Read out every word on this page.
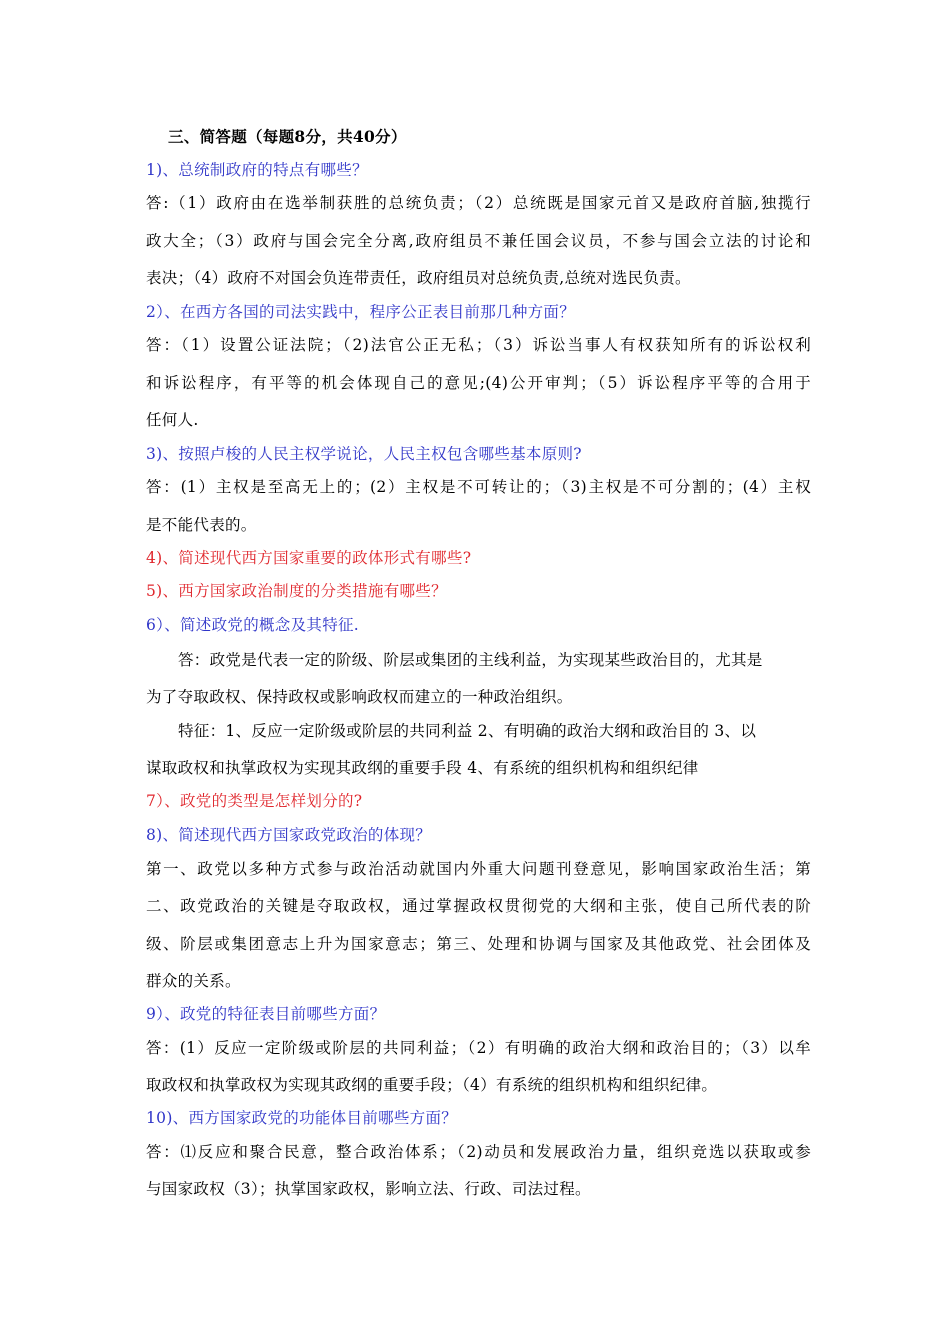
三、简答题（每题8分，共40分）
1)、总统制政府的特点有哪些？
答:（1）政府由在选举制获胜的总统负责；（2）总统既是国家元首又是政府首脑,独揽行
政大全；（3）政府与国会完全分离,政府组员不兼任国会议员，不参与国会立法的讨论和
表决；（4）政府不对国会负连带责任，政府组员对总统负责,总统对选民负责。
2）、在西方各国的司法实践中，程序公正表目前那几种方面？
答：（1）设置公证法院；（2)法官公正无私；（3）诉讼当事人有权获知所有的诉讼权利
和诉讼程序，有平等的机会体现自己的意见;(4)公开审判；（5）诉讼程序平等的合用于
任何人.
3)、按照卢梭的人民主权学说论，人民主权包含哪些基本原则?
答：(1）主权是至高无上的；(2）主权是不可转让的；（3)主权是不可分割的；(4）主权
是不能代表的。
4)、简述现代西方国家重要的政体形式有哪些?
5)、西方国家政治制度的分类措施有哪些？
6）、简述政党的概念及其特征.
答：政党是代表一定的阶级、阶层或集团的主线利益，为实现某些政治目的，尤其是
为了夺取政权、保持政权或影响政权而建立的一种政治组织。
特征：1、反应一定阶级或阶层的共同利益 2、有明确的政治大纲和政治目的 3、以
谋取政权和执掌政权为实现其政纲的重要手段 4、有系统的组织机构和组织纪律
7）、政党的类型是怎样划分的?
8)、简述现代西方国家政党政治的体现？
第一、政党以多种方式参与政治活动就国内外重大问题刊登意见，影响国家政治生活；第
二、政党政治的关键是夺取政权，通过掌握政权贯彻党的大纲和主张，使自己所代表的阶
级、阶层或集团意志上升为国家意志；第三、处理和协调与国家及其他政党、社会团体及
群众的关系。
9）、政党的特征表目前哪些方面？
答：(1）反应一定阶级或阶层的共同利益；（2）有明确的政治大纲和政治目的；（3）以牟
取政权和执掌政权为实现其政纲的重要手段；（4）有系统的组织机构和组织纪律。
10)、西方国家政党的功能体目前哪些方面？
答：⑴反应和聚合民意，整合政治体系；（2)动员和发展政治力量，组织竞选以获取或参
与国家政权（3）；执掌国家政权，影响立法、行政、司法过程。
